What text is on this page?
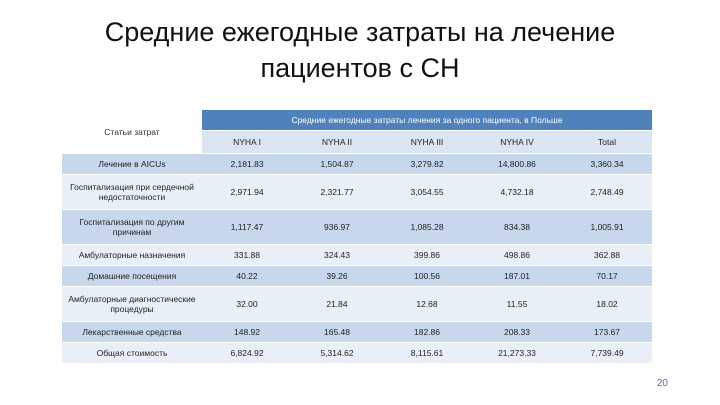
Средние ежегодные затраты на лечение
пациентов с СН
Статьи затрат	Средние ежегодные затраты лечения за одного пациента, в Польше				
	NYHA I	NYHA II	NYHA III	NYHA IV	Total
Лечение в AICUs	2,181.83	1,504.87	3,279.82	14,800.86	3,360.34
Госпитализация при сердечной недостаточности	2,971.94	2,321.77	3,054.55	4,732.18	2,748.49
Госпитализация по другим причинам	1,117.47	936.97	1,085.28	834.38	1,005.91
Амбулаторные назначения	331.88	324.43	399.86	498.86	362.88
Домашние посещения	40.22	39.26	100.56	187.01	70.17
Амбулаторные диагностические процедуры	32.00	21.84	12.68	11.55	18.02
Лекарственные средства	148.92	165.48	182.86	208.33	173.67
Общая стоимость	6,824.92	5,314.62	8,115.61	21,273.33	7,739.49
20
